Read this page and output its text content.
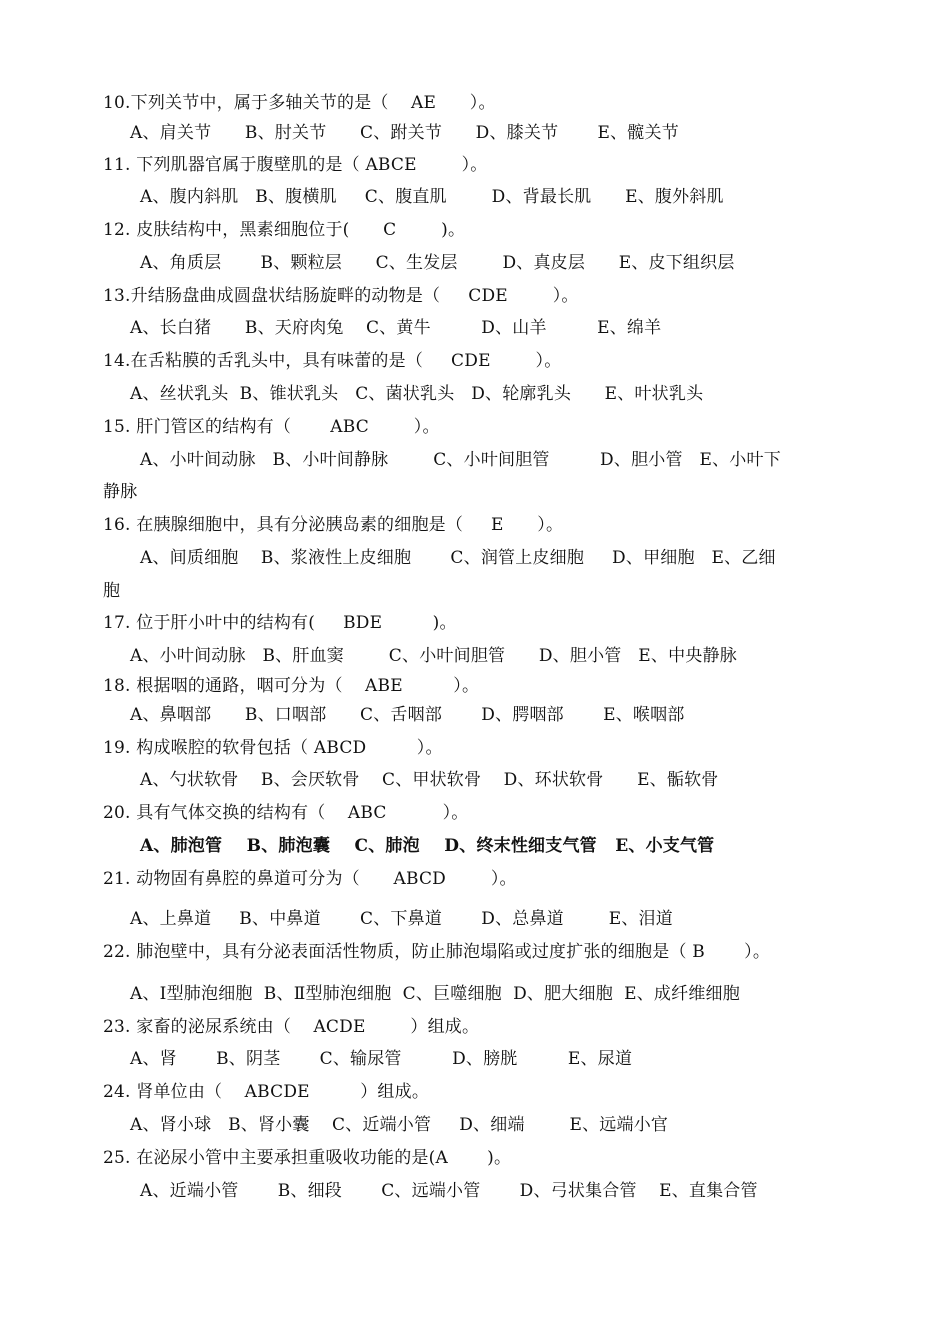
10.下列关节中，属于多轴关节的是（    AE      ）。
A、肩关节      B、肘关节      C、跗关节      D、膝关节       E、髋关节
11. 下列肌器官属于腹壁肌的是（ ABCE        ）。
A、腹内斜肌   B、腹横肌     C、腹直肌        D、背最长肌      E、腹外斜肌
12. 皮肤结构中，黑素细胞位于(      C        )。
A、角质层       B、颗粒层      C、生发层        D、真皮层      E、皮下组织层
13.升结肠盘曲成圆盘状结肠旋畔的动物是（     CDE        ）。
A、长白猪      B、天府肉兔    C、黄牛         D、山羊         E、绵羊
14.在舌粘膜的舌乳头中，具有味蕾的是（     CDE        ）。
A、丝状乳头  B、锥状乳头   C、菌状乳头   D、轮廓乳头      E、叶状乳头
15. 肝门管区的结构有（       ABC        ）。
A、小叶间动脉   B、小叶间静脉        C、小叶间胆管         D、胆小管   E、小叶下
静脉
16. 在胰腺细胞中，具有分泌胰岛素的细胞是（     E      ）。
A、间质细胞    B、浆液性上皮细胞       C、润管上皮细胞     D、甲细胞   E、乙细
胞
17. 位于肝小叶中的结构有(     BDE         )。
A、小叶间动脉   B、肝血窦        C、小叶间胆管      D、胆小管   E、中央静脉
18. 根据咽的通路，咽可分为（    ABE         ）。
A、鼻咽部      B、口咽部      C、舌咽部       D、腭咽部       E、喉咽部
19. 构成喉腔的软骨包括（ ABCD         ）。
A、勺状软骨    B、会厌软骨    C、甲状软骨    D、环状软骨      E、骺软骨
20. 具有气体交换的结构有（    ABC          ）。
A、肺泡管    B、肺泡囊    C、肺泡    D、终末性细支气管   E、小支气管
21. 动物固有鼻腔的鼻道可分为（      ABCD        ）。
A、上鼻道     B、中鼻道       C、下鼻道       D、总鼻道        E、泪道
22. 肺泡壁中，具有分泌表面活性物质，防止肺泡塌陷或过度扩张的细胞是（ B       ）。
A、Ⅰ型肺泡细胞  B、Ⅱ型肺泡细胞  C、巨噬细胞  D、肥大细胞  E、成纤维细胞
23. 家畜的泌尿系统由（    ACDE        ）组成。
A、肾       B、阴茎       C、输尿管         D、膀胱         E、尿道
24. 肾单位由（    ABCDE         ）组成。
A、肾小球   B、肾小囊    C、近端小管     D、细端        E、远端小官
25. 在泌尿小管中主要承担重吸收功能的是(A       )。
A、近端小管       B、细段       C、远端小管       D、弓状集合管    E、直集合管
